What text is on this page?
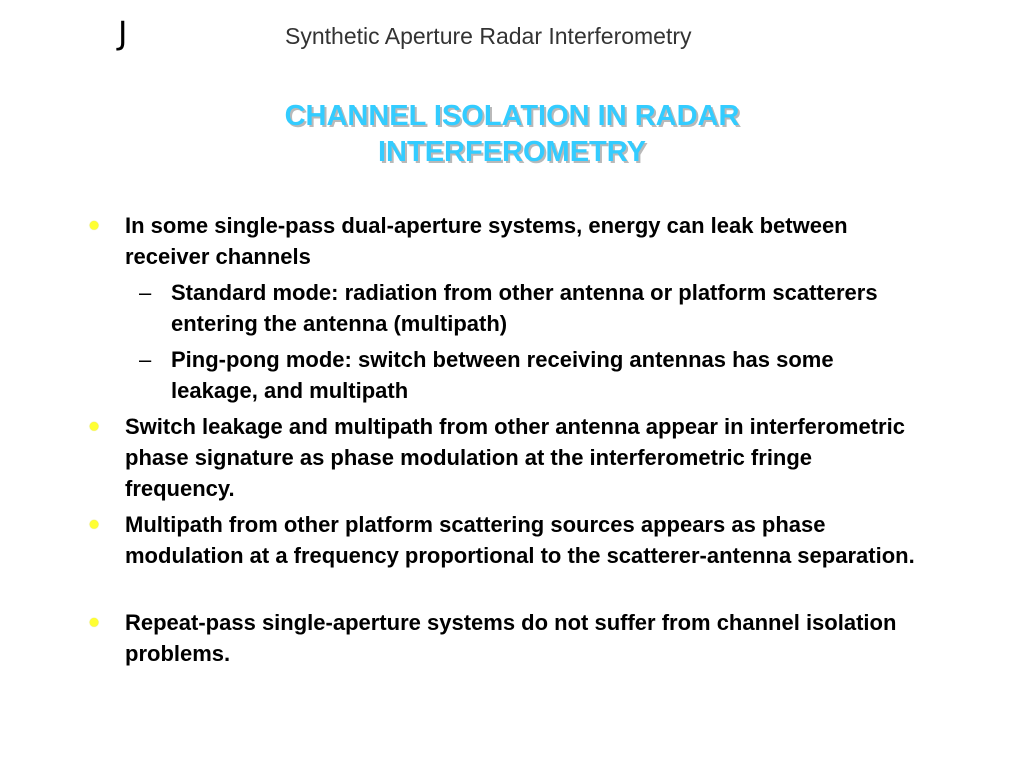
J	Synthetic Aperture Radar Interferometry
CHANNEL ISOLATION IN RADAR
INTERFEROMETRY
● In some single-pass dual-aperture systems, energy can leak between receiver channels
– Standard mode: radiation from other antenna or platform scatterers entering the antenna (multipath)
– Ping-pong mode: switch between receiving antennas has some leakage, and multipath
● Switch leakage and multipath from other antenna appear in interferometric phase signature as phase modulation at the interferometric fringe frequency.
● Multipath from other platform scattering sources appears as phase modulation at a frequency proportional to the scatterer-antenna separation.
● Repeat-pass single-aperture systems do not suffer from channel isolation problems.
